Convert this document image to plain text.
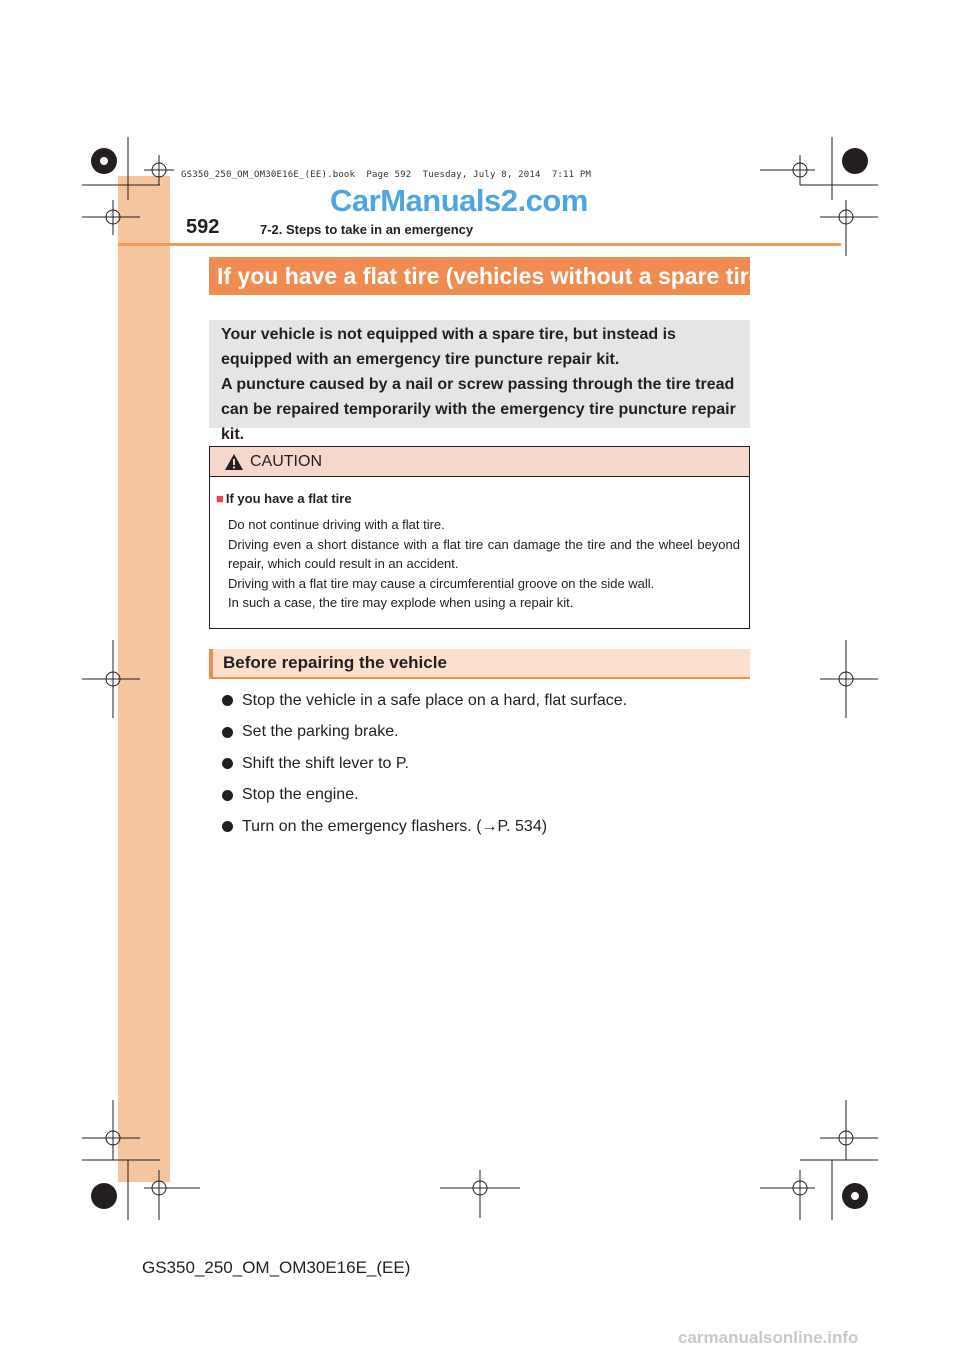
GS350_250_OM_OM30E16E_(EE).book  Page 592  Tuesday, July 8, 2014  7:11 PM
CarManuals2.com
592	7-2. Steps to take in an emergency
If you have a flat tire (vehicles without a spare tire)

Your vehicle is not equipped with a spare tire, but instead is equipped with an emergency tire puncture repair kit.

A puncture caused by a nail or screw passing through the tire tread can be repaired temporarily with the emergency tire puncture repair kit.

CAUTION
■ If you have a flat tire

Do not continue driving with a flat tire.

Driving even a short distance with a flat tire can damage the tire and the wheel beyond repair, which could result in an accident.

Driving with a flat tire may cause a circumferential groove on the side wall.

In such a case, the tire may explode when using a repair kit.

Before repairing the vehicle
Stop the vehicle in a safe place on a hard, flat surface.
Set the parking brake.
Shift the shift lever to P.
Stop the engine.
Turn on the emergency flashers. (→P. 534)
GS350_250_OM_OM30E16E_(EE)
carmanualsonline.info
